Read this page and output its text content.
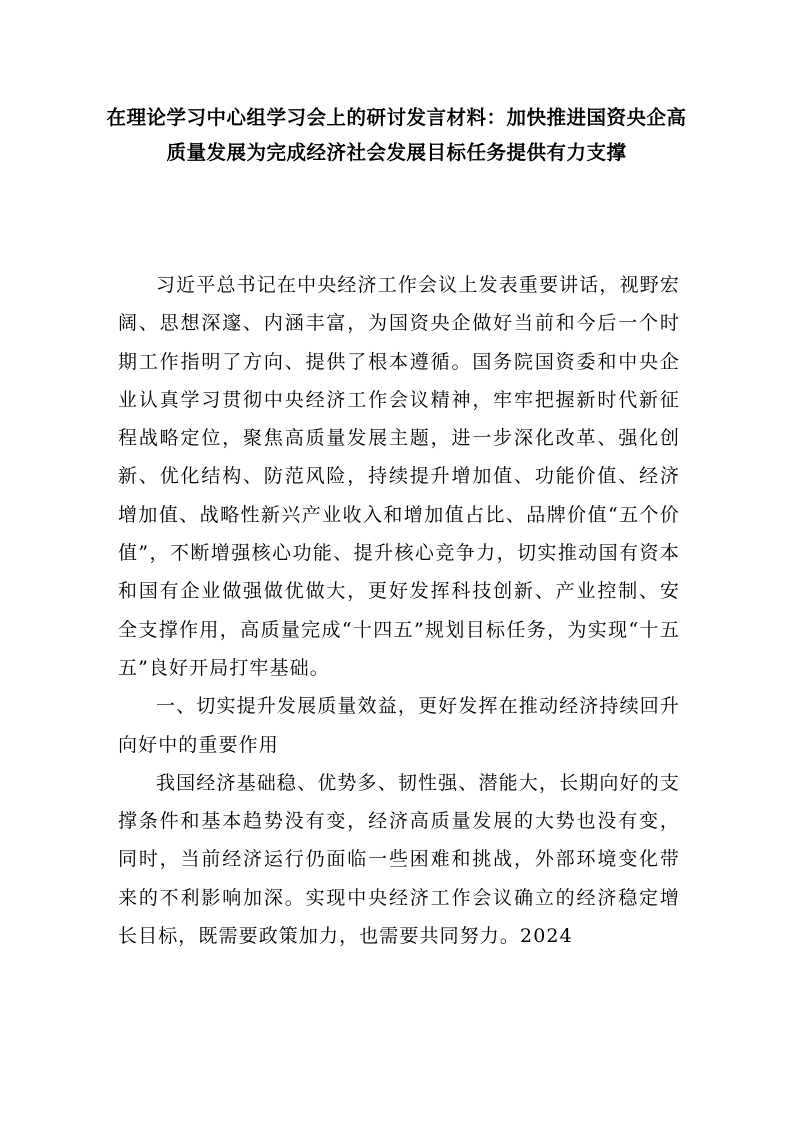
在理论学习中心组学习会上的研讨发言材料：加快推进国资央企高质量发展为完成经济社会发展目标任务提供有力支撑

习近平总书记在中央经济工作会议上发表重要讲话，视野宏阔、思想深邃、内涵丰富，为国资央企做好当前和今后一个时期工作指明了方向、提供了根本遵循。国务院国资委和中央企业认真学习贯彻中央经济工作会议精神，牢牢把握新时代新征程战略定位，聚焦高质量发展主题，进一步深化改革、强化创新、优化结构、防范风险，持续提升增加值、功能价值、经济增加值、战略性新兴产业收入和增加值占比、品牌价值“五个价值”，不断增强核心功能、提升核心竞争力，切实推动国有资本和国有企业做强做优做大，更好发挥科技创新、产业控制、安全支撑作用，高质量完成“十四五”规划目标任务，为实现“十五五”良好开局打牢基础。

一、切实提升发展质量效益，更好发挥在推动经济持续回升向好中的重要作用

我国经济基础稳、优势多、韧性强、潜能大，长期向好的支撑条件和基本趋势没有变，经济高质量发展的大势也没有变，同时，当前经济运行仍面临一些困难和挑战，外部环境变化带来的不利影响加深。实现中央经济工作会议确立的经济稳定增长目标，既需要政策加力，也需要共同努力。2024
